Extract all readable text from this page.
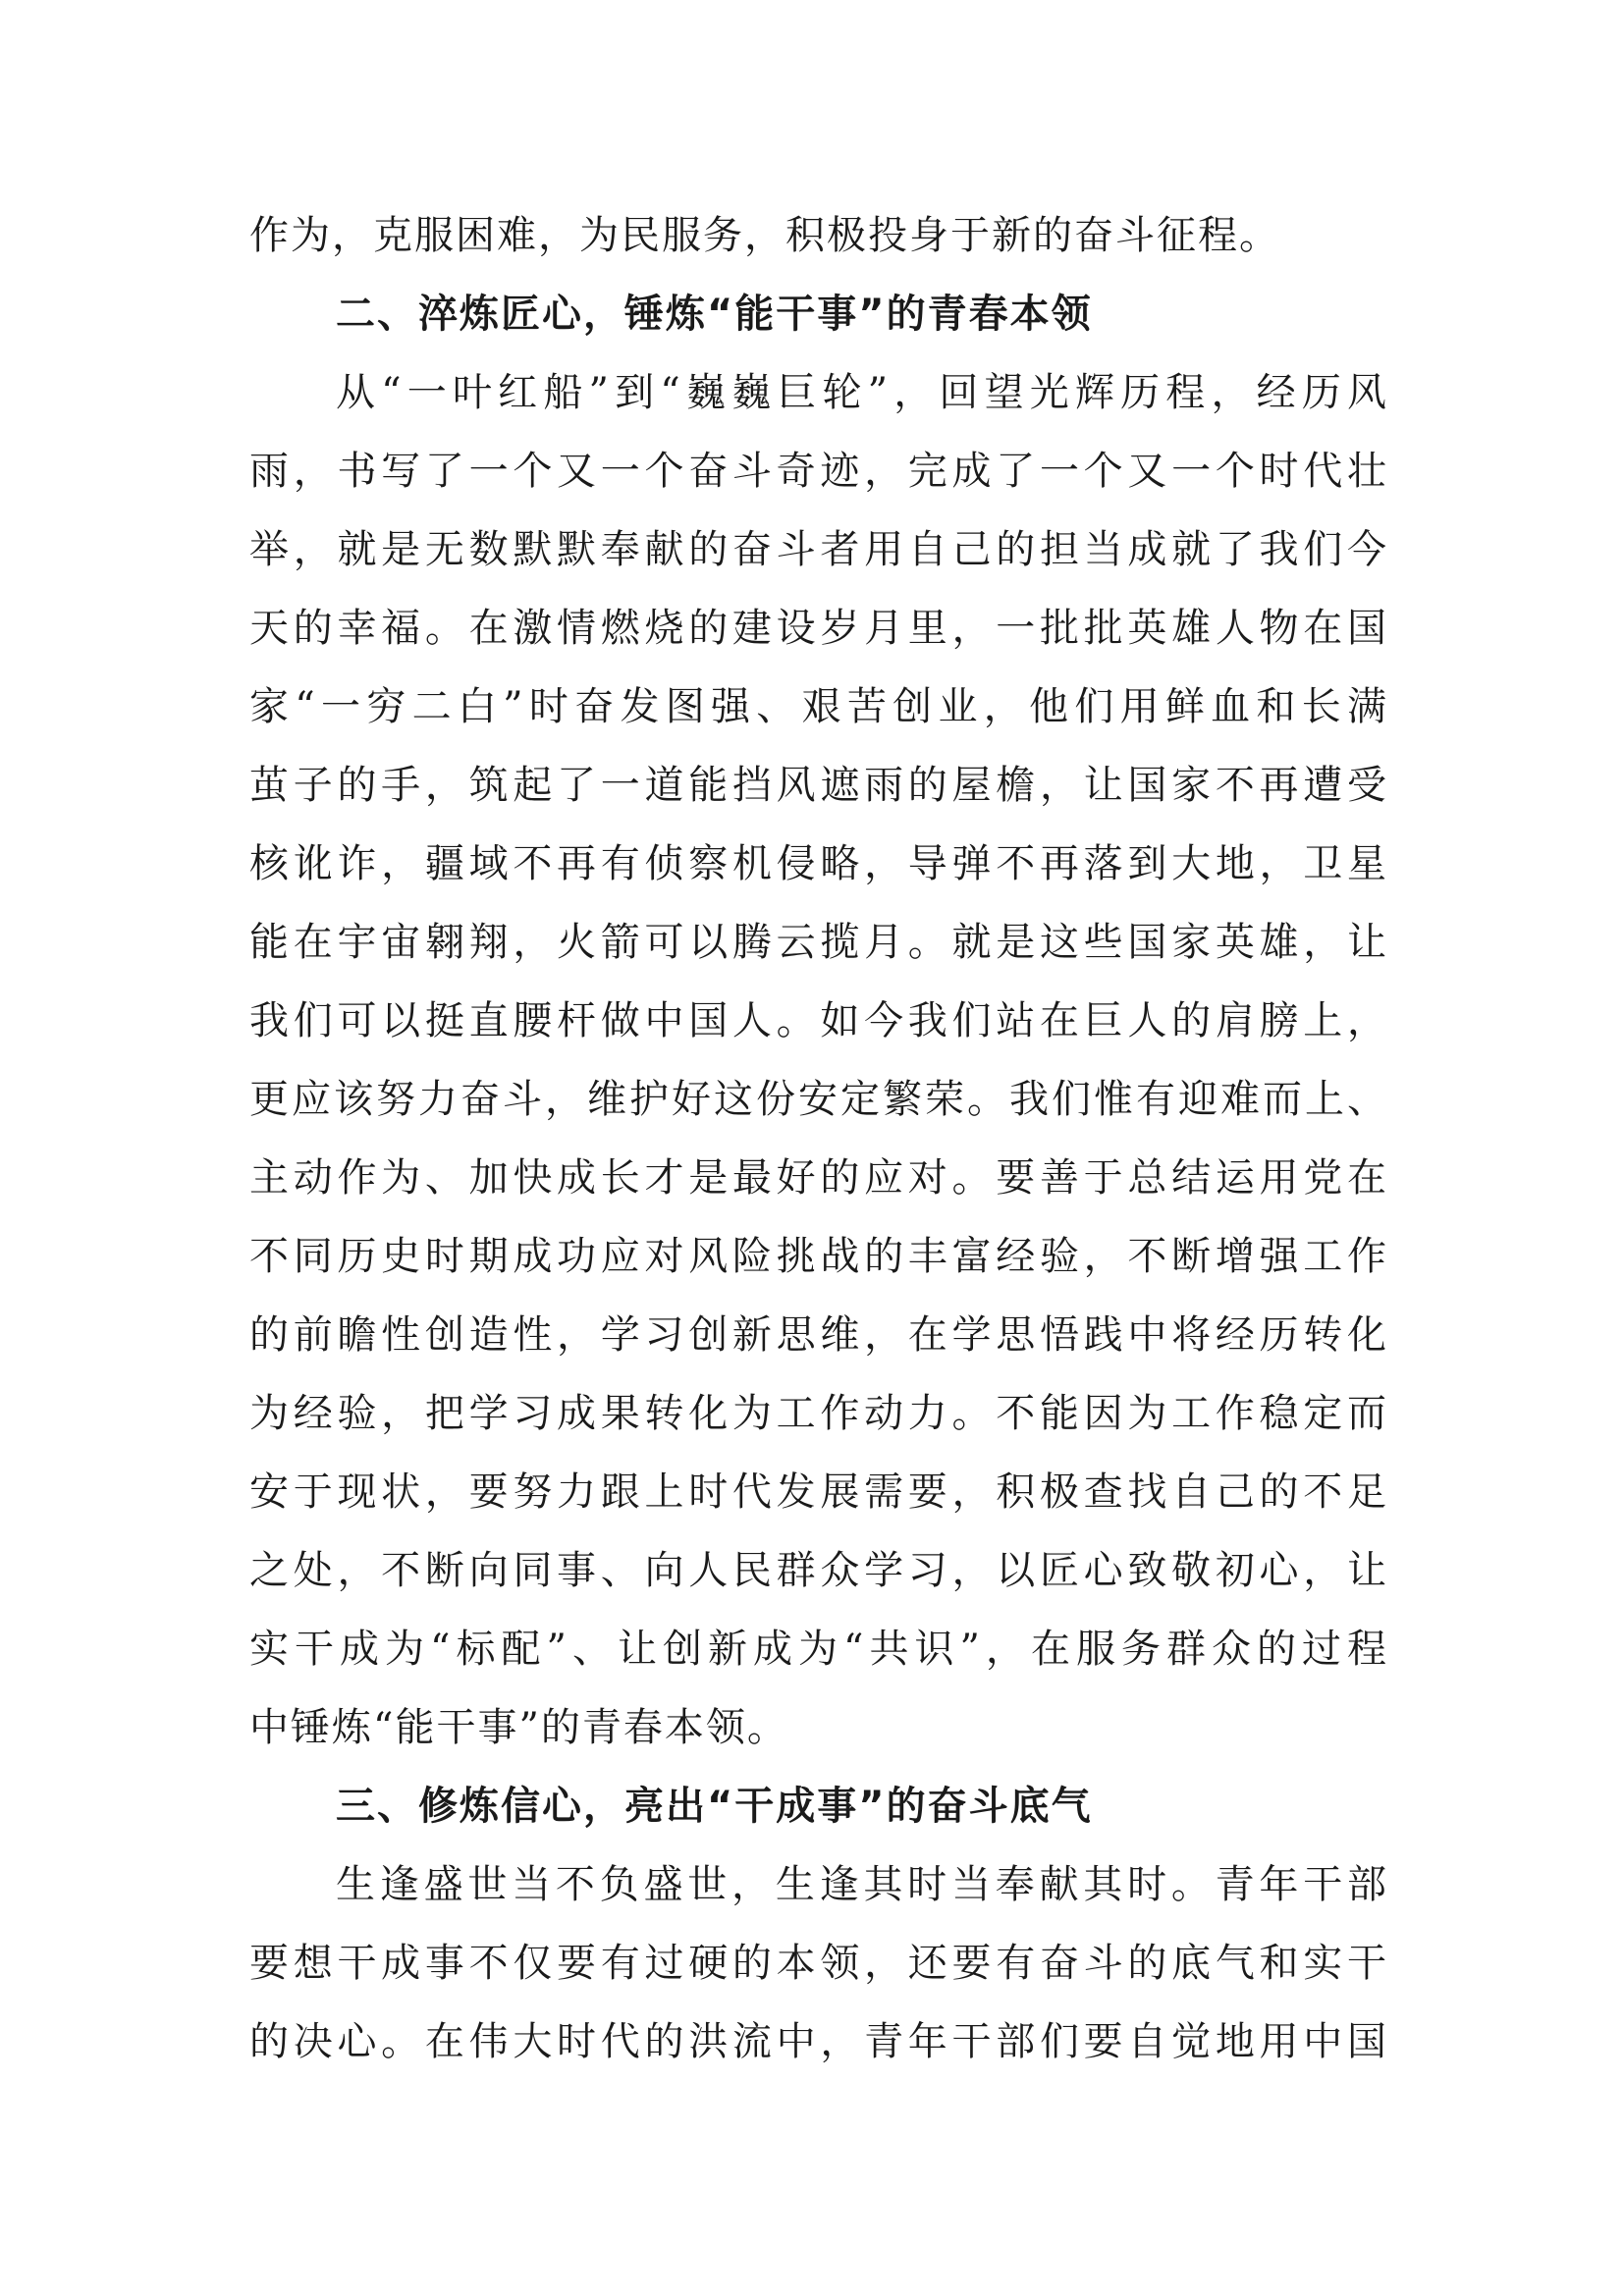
作为，克服困难，为民服务，积极投身于新的奋斗征程。
二、淬炼匠心，锤炼“能干事”的青春本领
从“一叶红船”到“巍巍巨轮”，回望光辉历程，经历风
雨，书写了一个又一个奋斗奇迹，完成了一个又一个时代壮
举，就是无数默默奉献的奋斗者用自己的担当成就了我们今
天的幸福。在激情燃烧的建设岁月里，一批批英雄人物在国
家“一穷二白”时奋发图强、艰苦创业，他们用鲜血和长满
茧子的手，筑起了一道能挡风遮雨的屋檐，让国家不再遭受
核讹诈，疆域不再有侦察机侵略，导弹不再落到大地，卫星
能在宇宙翱翔，火箭可以腾云揽月。就是这些国家英雄，让
我们可以挺直腰杆做中国人。如今我们站在巨人的肩膀上，
更应该努力奋斗，维护好这份安定繁荣。我们惟有迎难而上、
主动作为、加快成长才是最好的应对。要善于总结运用党在
不同历史时期成功应对风险挑战的丰富经验，不断增强工作
的前瞻性创造性，学习创新思维，在学思悟践中将经历转化
为经验，把学习成果转化为工作动力。不能因为工作稳定而
安于现状，要努力跟上时代发展需要，积极查找自己的不足
之处，不断向同事、向人民群众学习，以匠心致敬初心，让
实干成为“标配”、让创新成为“共识”，在服务群众的过程
中锤炼“能干事”的青春本领。
三、修炼信心，亮出“干成事”的奋斗底气
生逢盛世当不负盛世，生逢其时当奉献其时。青年干部
要想干成事不仅要有过硬的本领，还要有奋斗的底气和实干
的决心。在伟大时代的洪流中，青年干部们要自觉地用中国
